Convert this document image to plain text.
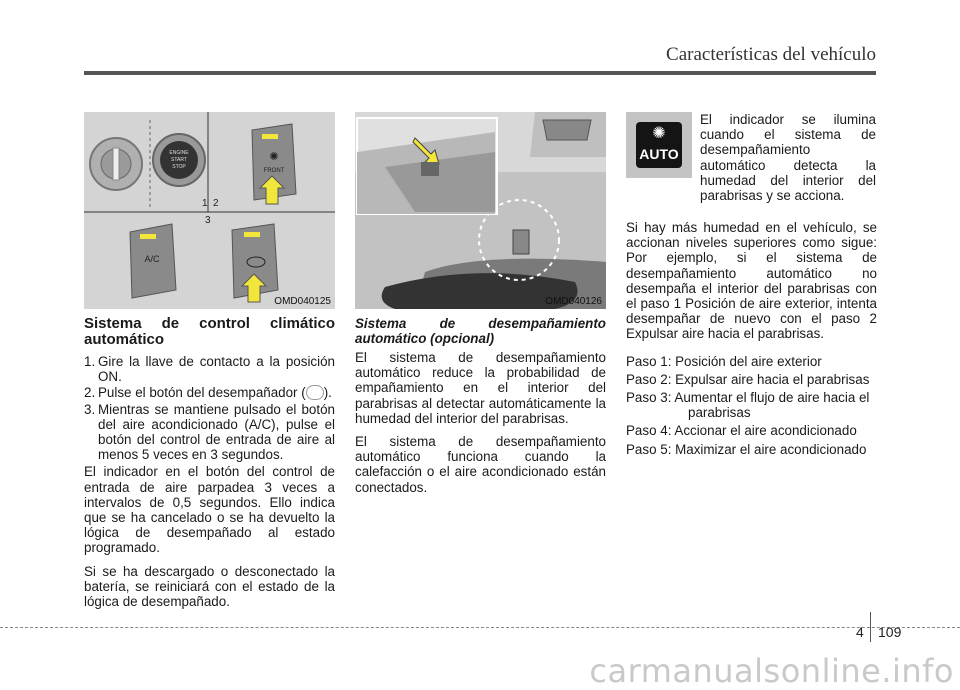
Características del vehículo
ENGINE
START
STOP
✺
FRONT
1 2
3
A/C
OMD040125	OMD040126
✺
AUTO
Sistema de control climático automático
1. Gire la llave de contacto a la posición ON.
2. Pulse el botón del desempañador ( ).
3. Mientras se mantiene pulsado el botón del aire acondicionado (A/C), pulse el botón del control de entrada de aire al menos 5 veces en 3 segundos.

El indicador en el botón del control de entrada de aire parpadea 3 veces a intervalos de 0,5 segundos. Ello indica que se ha cancelado o se ha devuelto la lógica de desempañado al estado programado.

Si se ha descargado o desconectado la batería, se reiniciará con el estado de la lógica de desempañado.

Sistema de desempañamiento automático (opcional)

El sistema de desempañamiento automático reduce la probabilidad de empañamiento en el interior del parabrisas al detectar automáticamente la humedad del interior del parabrisas.

El sistema de desempañamiento automático funciona cuando la calefacción o el aire acondicionado están conectados.

El indicador se ilumina cuando el sistema de desempañamiento automático detecta la humedad del interior del parabrisas y se acciona.

Si hay más humedad en el vehículo, se accionan niveles superiores como sigue: Por ejemplo, si el sistema de desempañamiento automático no desempaña el interior del parabrisas con el paso 1 Posición de aire exterior, intenta desempañar de nuevo con el paso 2 Expulsar aire hacia el parabrisas.

Paso 1: Posición del aire exterior
Paso 2: Expulsar aire hacia el parabrisas
Paso 3: Aumentar el flujo de aire hacia el parabrisas
Paso 4: Accionar el aire acondicionado
Paso 5: Maximizar el aire acondicionado
4 109
carmanualsonline.info
